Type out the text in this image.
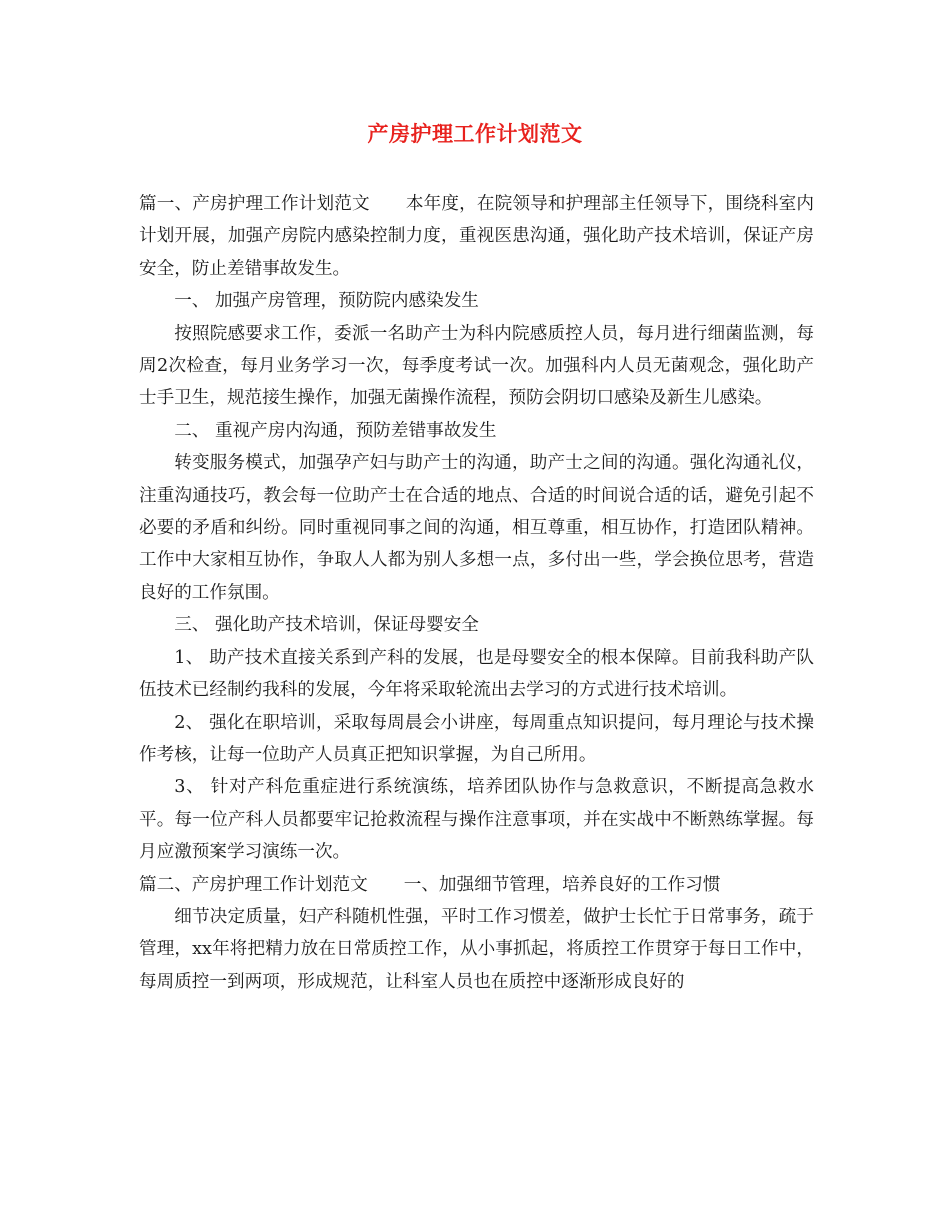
产房护理工作计划范文

篇一、产房护理工作计划范文 本年度，在院领导和护理部主任领导下，围绕科室内计划开展，加强产房院内感染控制力度，重视医患沟通，强化助产技术培训，保证产房安全，防止差错事故发生。

一、 加强产房管理，预防院内感染发生

按照院感要求工作，委派一名助产士为科内院感质控人员，每月进行细菌监测，每周2次检查，每月业务学习一次，每季度考试一次。加强科内人员无菌观念，强化助产士手卫生，规范接生操作，加强无菌操作流程，预防会阴切口感染及新生儿感染。

二、 重视产房内沟通，预防差错事故发生

转变服务模式，加强孕产妇与助产士的沟通，助产士之间的沟通。强化沟通礼仪，注重沟通技巧，教会每一位助产士在合适的地点、合适的时间说合适的话，避免引起不必要的矛盾和纠纷。同时重视同事之间的沟通，相互尊重，相互协作，打造团队精神。工作中大家相互协作，争取人人都为别人多想一点，多付出一些，学会换位思考，营造良好的工作氛围。

三、 强化助产技术培训，保证母婴安全

1、 助产技术直接关系到产科的发展，也是母婴安全的根本保障。目前我科助产队伍技术已经制约我科的发展，今年将采取轮流出去学习的方式进行技术培训。

2、 强化在职培训，采取每周晨会小讲座，每周重点知识提问，每月理论与技术操作考核，让每一位助产人员真正把知识掌握，为自己所用。

3、 针对产科危重症进行系统演练，培养团队协作与急救意识，不断提高急救水平。每一位产科人员都要牢记抢救流程与操作注意事项，并在实战中不断熟练掌握。每月应激预案学习演练一次。

篇二、产房护理工作计划范文 一、加强细节管理，培养良好的工作习惯

细节决定质量，妇产科随机性强，平时工作习惯差，做护士长忙于日常事务，疏于管理，xx年将把精力放在日常质控工作，从小事抓起，将质控工作贯穿于每日工作中，每周质控一到两项，形成规范，让科室人员也在质控中逐渐形成良好的
